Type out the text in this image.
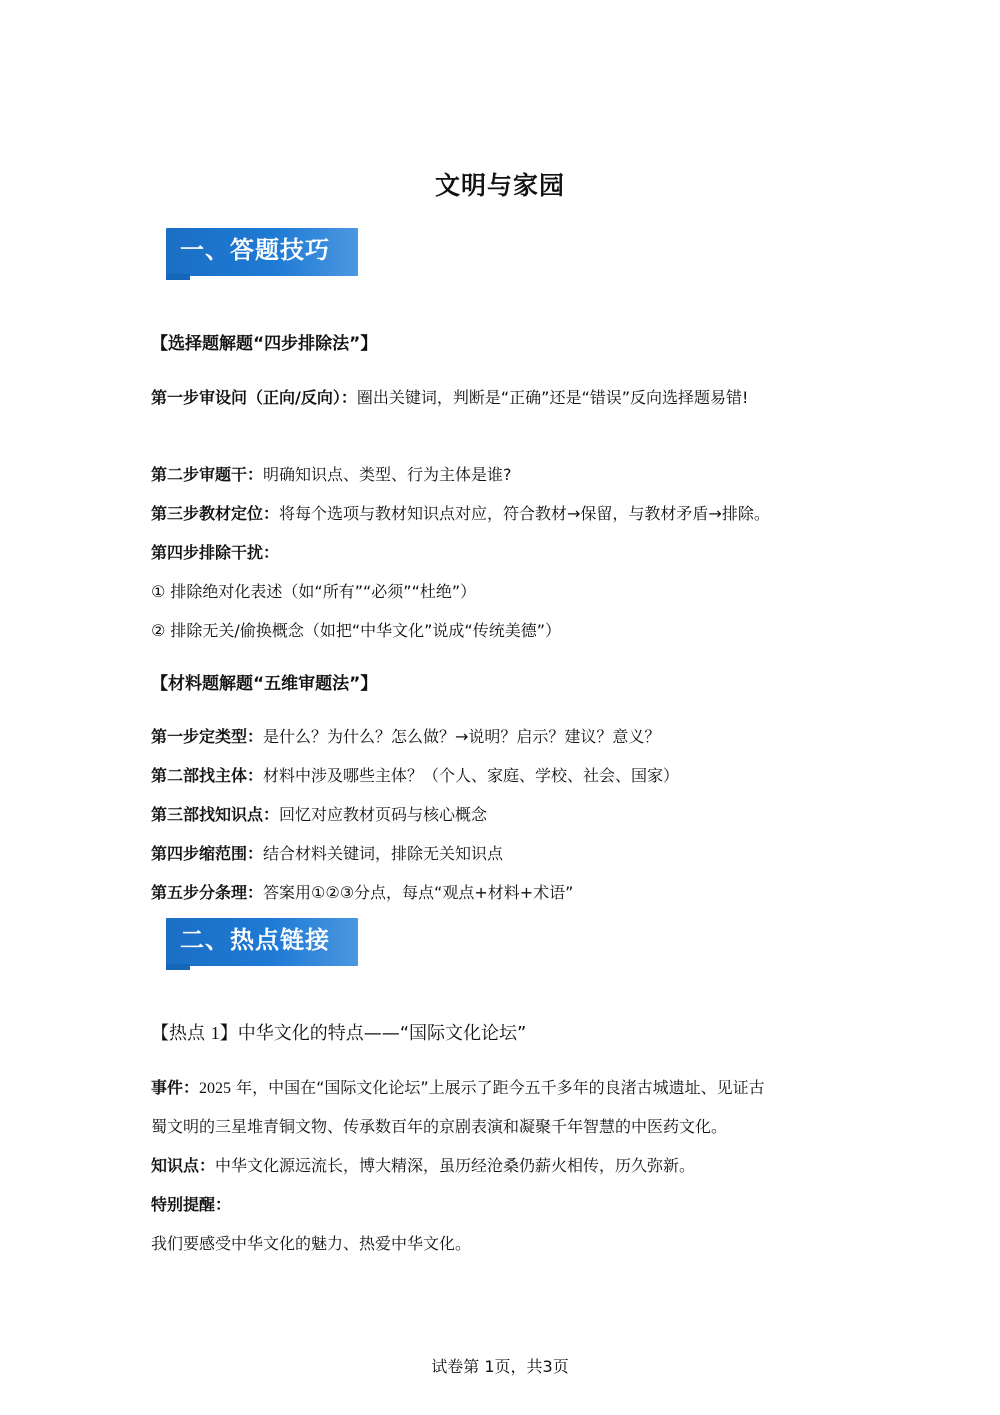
文明与家园
一、答题技巧
【选择题解题“四步排除法”】
第一步审设问（正向/反向）：圈出关键词，判断是“正确”还是“错误”反向选择题易错!
第二步审题干：明确知识点、类型、行为主体是谁?
第三步教材定位：将每个选项与教材知识点对应，符合教材→保留，与教材矛盾→排除。
第四步排除干扰：
① 排除绝对化表述（如“所有”“必须”“杜绝”）
② 排除无关/偷换概念（如把“中华文化”说成“传统美德”）
【材料题解题“五维审题法”】
第一步定类型：是什么？为什么？怎么做？→说明？启示？建议？意义？
第二部找主体：材料中涉及哪些主体？（个人、家庭、学校、社会、国家）
第三部找知识点：回忆对应教材页码与核心概念
第四步缩范围：结合材料关键词，排除无关知识点
第五步分条理：答案用①②③分点，每点“观点+材料+术语”
二、热点链接
【热点 1】中华文化的特点——“国际文化论坛”
事件：2025 年，中国在“国际文化论坛”上展示了距今五千多年的良渚古城遗址、见证古
蜀文明的三星堆青铜文物、传承数百年的京剧表演和凝聚千年智慧的中医药文化。
知识点：中华文化源远流长，博大精深，虽历经沧桑仍薪火相传，历久弥新。
特别提醒：
我们要感受中华文化的魅力、热爱中华文化。
试卷第 1页，共3页
